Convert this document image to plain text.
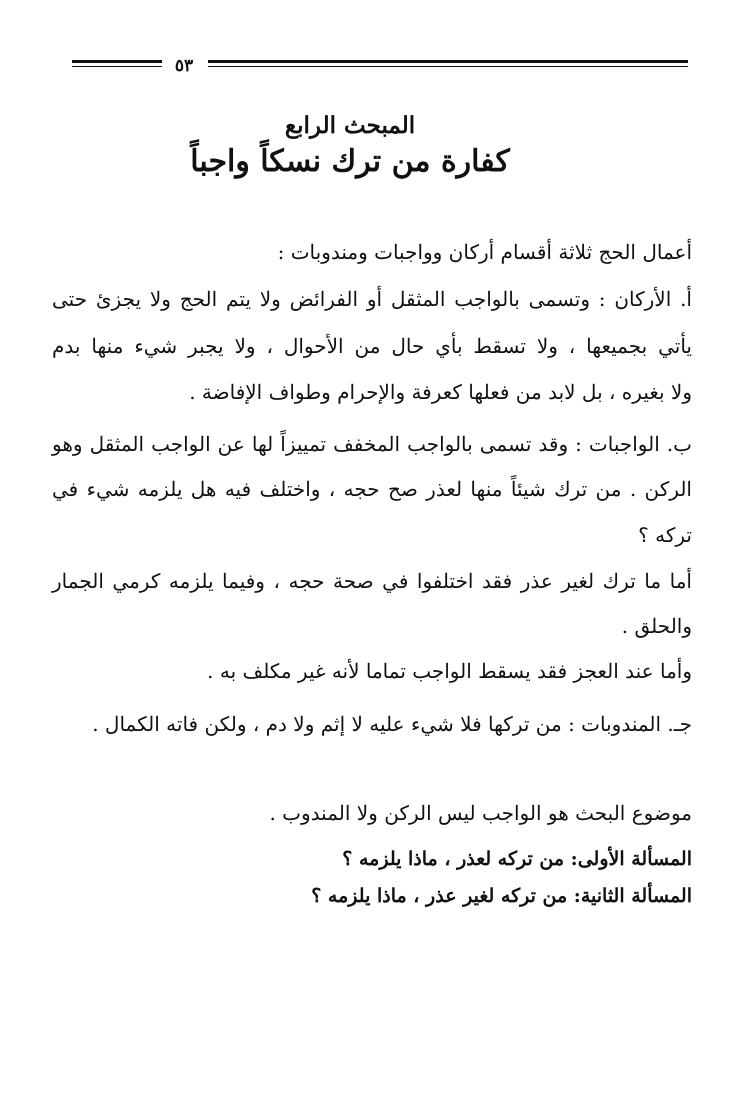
٥٣
المبحث الرابع
كفارة من ترك نسكاً واجباً
أعمال الحج ثلاثة أقسام أركان وواجبات ومندوبات :
أ. الأركان : وتسمى بالواجب المثقل أو الفرائض ولا يتم الحج ولا يجزئ حتى
يأتي بجميعها ، ولا تسقط بأي حال من الأحوال ، ولا يجبر شيء منها بدم
ولا بغيره ، بل لابد من فعلها كعرفة والإحرام وطواف الإفاضة .
ب. الواجبات : وقد تسمى بالواجب المخفف تمييزاً لها عن الواجب المثقل وهو
الركن . من ترك شيئاً منها لعذر صح حجه ، واختلف فيه هل يلزمه شيء في
تركه ؟
أما ما ترك لغير عذر فقد اختلفوا في صحة حجه ، وفيما يلزمه كرمي الجمار
والحلق .
وأما عند العجز فقد يسقط الواجب تماما لأنه غير مكلف به .
جـ. المندوبات : من تركها فلا شيء عليه لا إثم ولا دم ، ولكن فاته الكمال .
موضوع البحث هو الواجب ليس الركن ولا المندوب .
المسألة الأولى: من تركه لعذر ، ماذا يلزمه ؟
المسألة الثانية: من تركه لغير عذر ، ماذا يلزمه ؟
